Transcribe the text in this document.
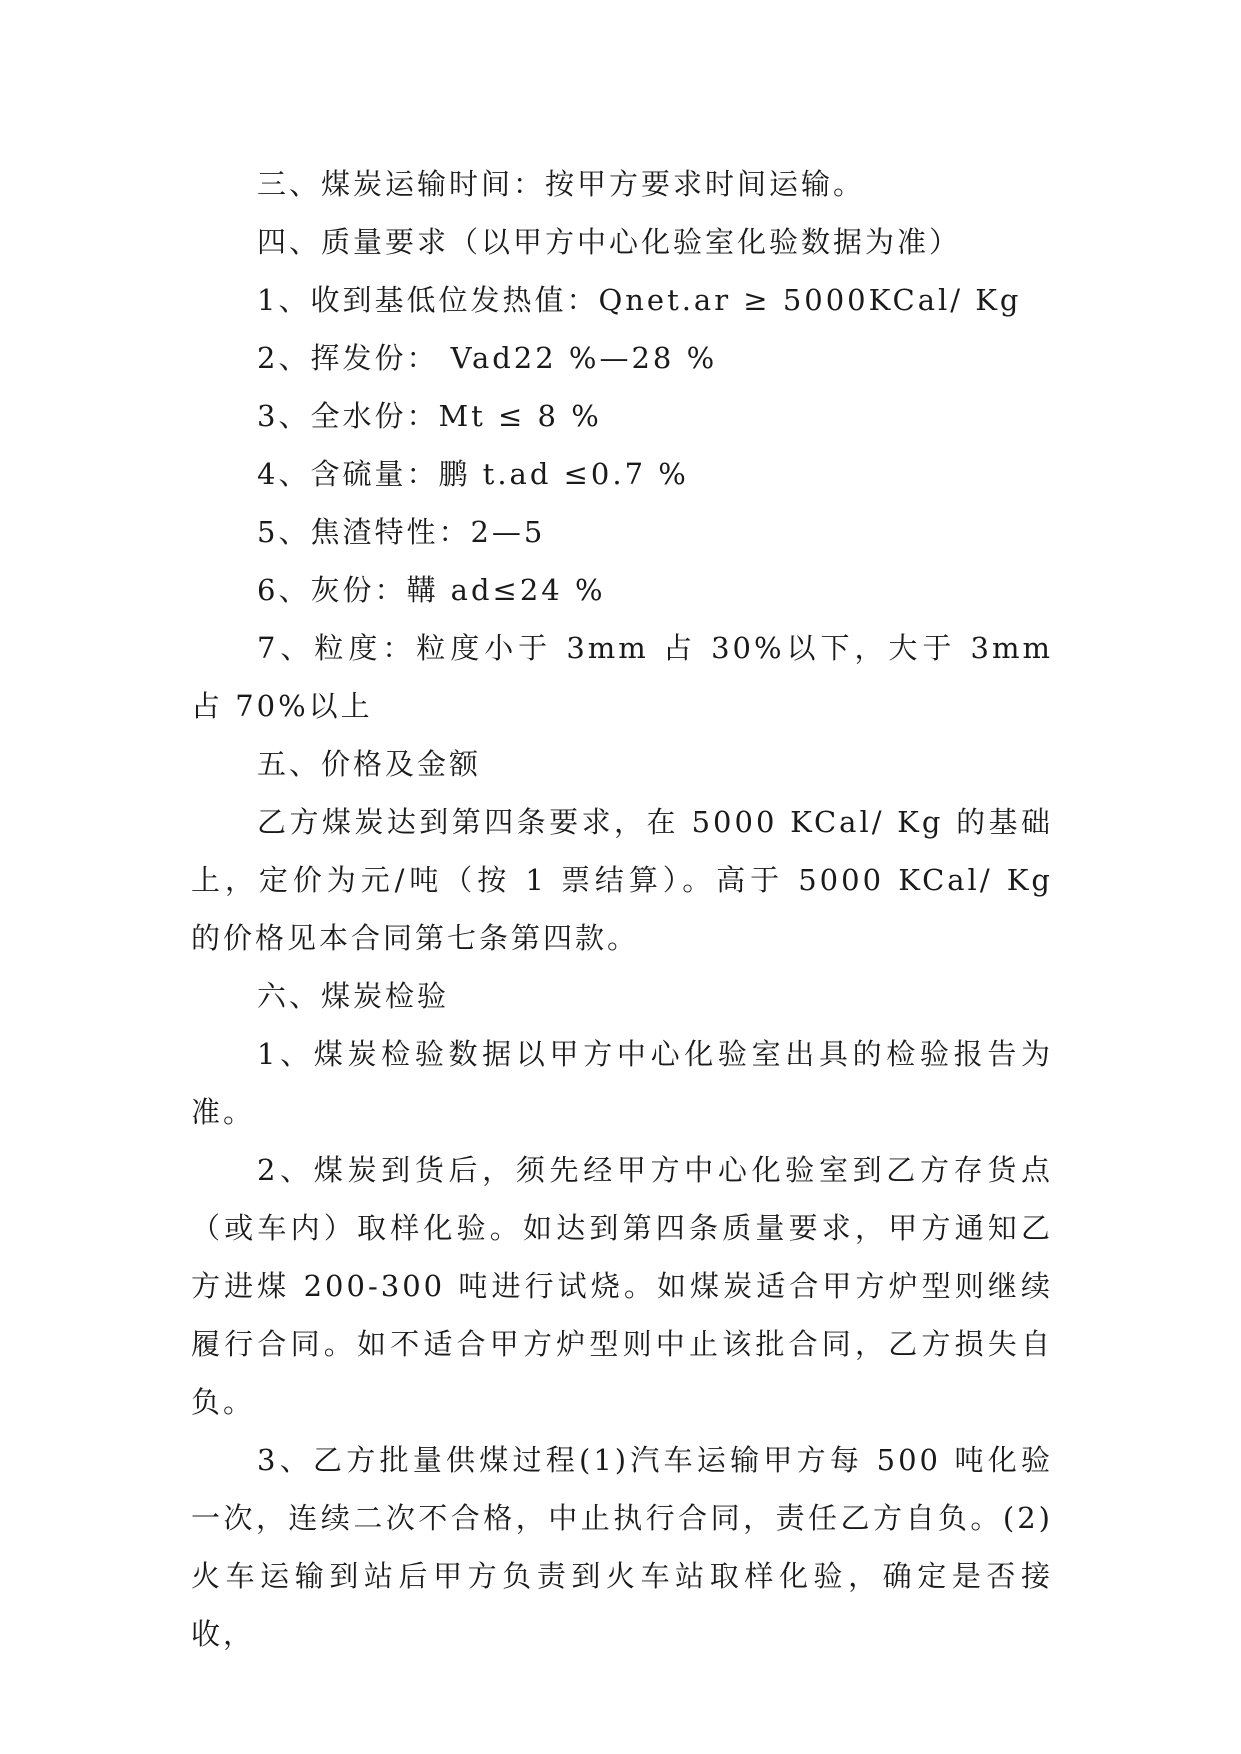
三、煤炭运输时间：按甲方要求时间运输。

四、质量要求（以甲方中心化验室化验数据为准）

1、收到基低位发热值：Qnet.ar ≥ 5000KCal/ Kg

2、挥发份： Vad22 %—28 %

3、全水份：Mt ≤ 8 %

4、含硫量：鹏 t.ad ≤0.7 %

5、焦渣特性：2—5

6、灰份：鞲 ad≤24 %

7、粒度：粒度小于 3mm 占 30%以下，大于 3mm 占 70%以上

五、价格及金额

乙方煤炭达到第四条要求，在 5000 KCal/ Kg 的基础上，定价为元/吨（按 1 票结算）。高于 5000 KCal/ Kg 的价格见本合同第七条第四款。

六、煤炭检验

1、煤炭检验数据以甲方中心化验室出具的检验报告为准。

2、煤炭到货后，须先经甲方中心化验室到乙方存货点（或车内）取样化验。如达到第四条质量要求，甲方通知乙方进煤 200-300 吨进行试烧。如煤炭适合甲方炉型则继续履行合同。如不适合甲方炉型则中止该批合同，乙方损失自负。

3、乙方批量供煤过程(1)汽车运输甲方每 500 吨化验一次，连续二次不合格，中止执行合同，责任乙方自负。(2)火车运输到站后甲方负责到火车站取样化验，确定是否接收，
